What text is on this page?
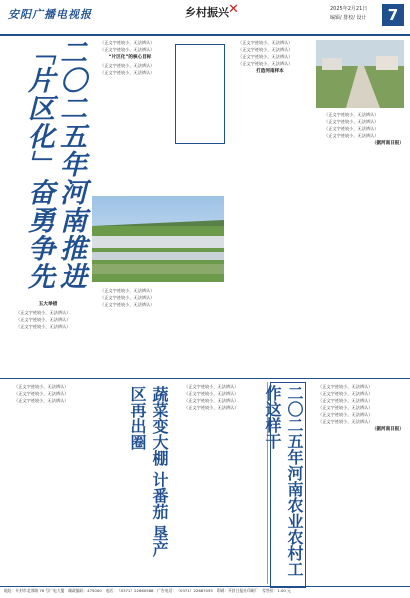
安阳广播电视报	乡村振兴 ✕	2025年2月21日
编辑/ 排校/ 设计	7
二〇二五年河南推进
「片区化」奋勇争先	（正文字迹较小，无法辨认）

（正文字迹较小，无法辨认）

“片区化”的核心目标

（正文字迹较小，无法辨认）

（正文字迹较小，无法辨认）

五大举措

（正文字迹较小，无法辨认）

（正文字迹较小，无法辨认）

（正文字迹较小，无法辨认）

（正文字迹较小，无法辨认）

（正文字迹较小，无法辨认）

（正文字迹较小，无法辨认）

（正文字迹较小，无法辨认）

（正文字迹较小，无法辨认）

（正文字迹较小，无法辨认）

（正文字迹较小，无法辨认）

打造河南样本

（正文字迹较小，无法辨认）

（正文字迹较小，无法辨认）

（正文字迹较小，无法辨认）

（正文字迹较小，无法辨认）

（据河南日报）

（正文字迹较小，无法辨认）

（正文字迹较小，无法辨认）

（正文字迹较小，无法辨认）	蔬菜变大棚 计番茄 垦产区再出圈	（正文字迹较小，无法辨认）

（正文字迹较小，无法辨认）

（正文字迹较小，无法辨认）

（正文字迹较小，无法辨认）	二〇二五年河南农业农村工作这样干	（正文字迹较小，无法辨认）

（正文字迹较小，无法辨认）

（正文字迹较小，无法辨认）

（正文字迹较小，无法辨认）

（正文字迹较小，无法辨认）

（正文字迹较小，无法辨认）

（据河南日报）
地址：开封市北郊路 76 号广电大厦　邮政编码：475000　电话：（0371）22660588　广告电话：（0371）22687055　印刷：开封日报社印刷厂　零售价：1.00 元
